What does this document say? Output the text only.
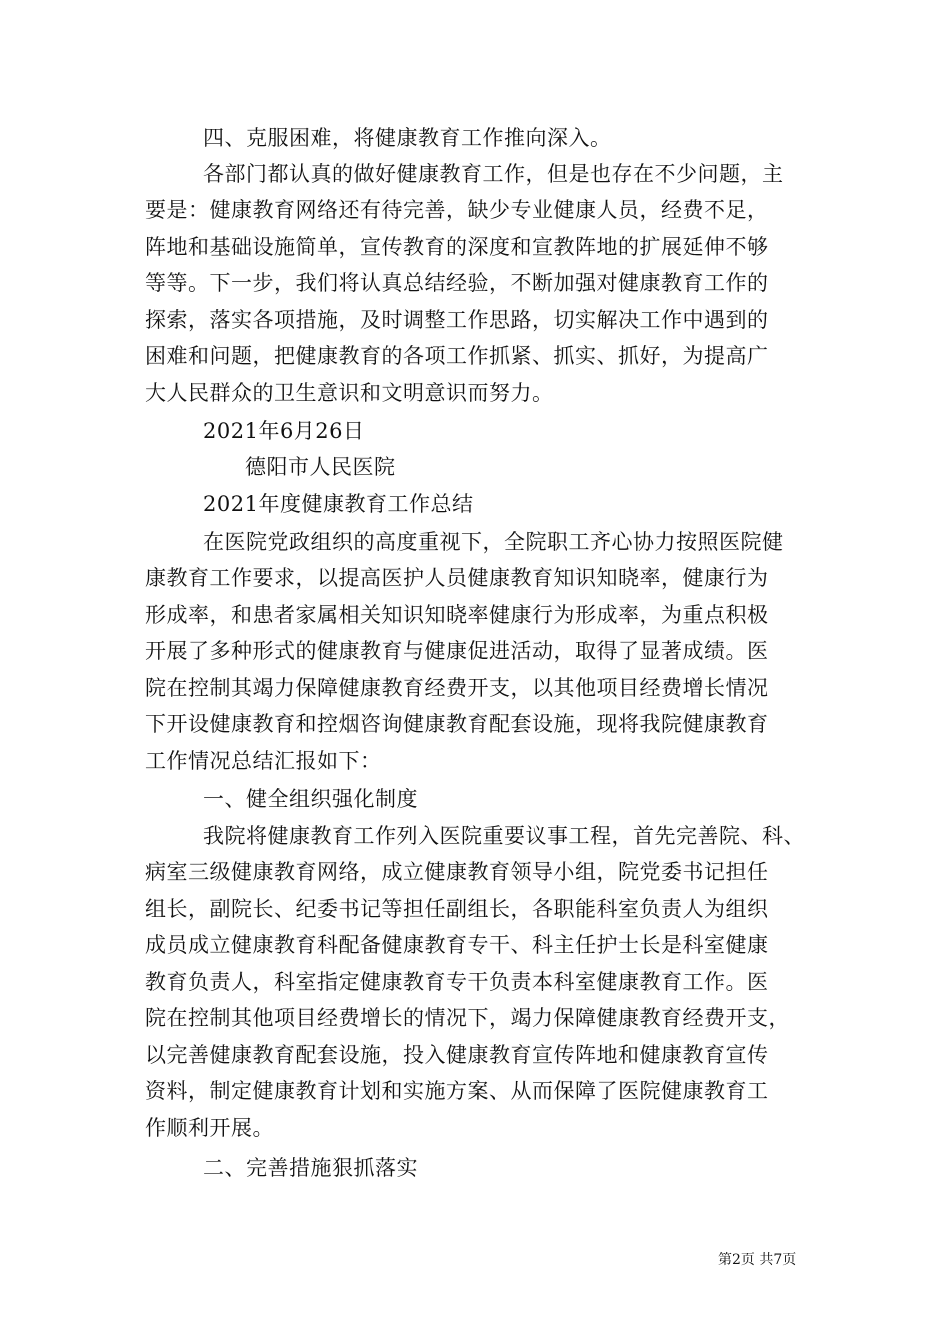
四、克服困难，将健康教育工作推向深入。
各部门都认真的做好健康教育工作，但是也存在不少问题，主
要是：健康教育网络还有待完善，缺少专业健康人员，经费不足，
阵地和基础设施简单，宣传教育的深度和宣教阵地的扩展延伸不够
等等。下一步，我们将认真总结经验，不断加强对健康教育工作的
探索，落实各项措施，及时调整工作思路，切实解决工作中遇到的
困难和问题，把健康教育的各项工作抓紧、抓实、抓好，为提高广
大人民群众的卫生意识和文明意识而努力。
2021年6月26日
德阳市人民医院
2021年度健康教育工作总结
在医院党政组织的高度重视下，全院职工齐心协力按照医院健
康教育工作要求，以提高医护人员健康教育知识知晓率，健康行为
形成率，和患者家属相关知识知晓率健康行为形成率，为重点积极
开展了多种形式的健康教育与健康促进活动，取得了显著成绩。医
院在控制其竭力保障健康教育经费开支，以其他项目经费增长情况
下开设健康教育和控烟咨询健康教育配套设施，现将我院健康教育
工作情况总结汇报如下：
一、健全组织强化制度
我院将健康教育工作列入医院重要议事工程，首先完善院、科、
病室三级健康教育网络，成立健康教育领导小组，院党委书记担任
组长，副院长、纪委书记等担任副组长，各职能科室负责人为组织
成员成立健康教育科配备健康教育专干、科主任护士长是科室健康
教育负责人，科室指定健康教育专干负责本科室健康教育工作。医
院在控制其他项目经费增长的情况下，竭力保障健康教育经费开支，
以完善健康教育配套设施，投入健康教育宣传阵地和健康教育宣传
资料，制定健康教育计划和实施方案、从而保障了医院健康教育工
作顺利开展。
二、完善措施狠抓落实
第2页 共7页
